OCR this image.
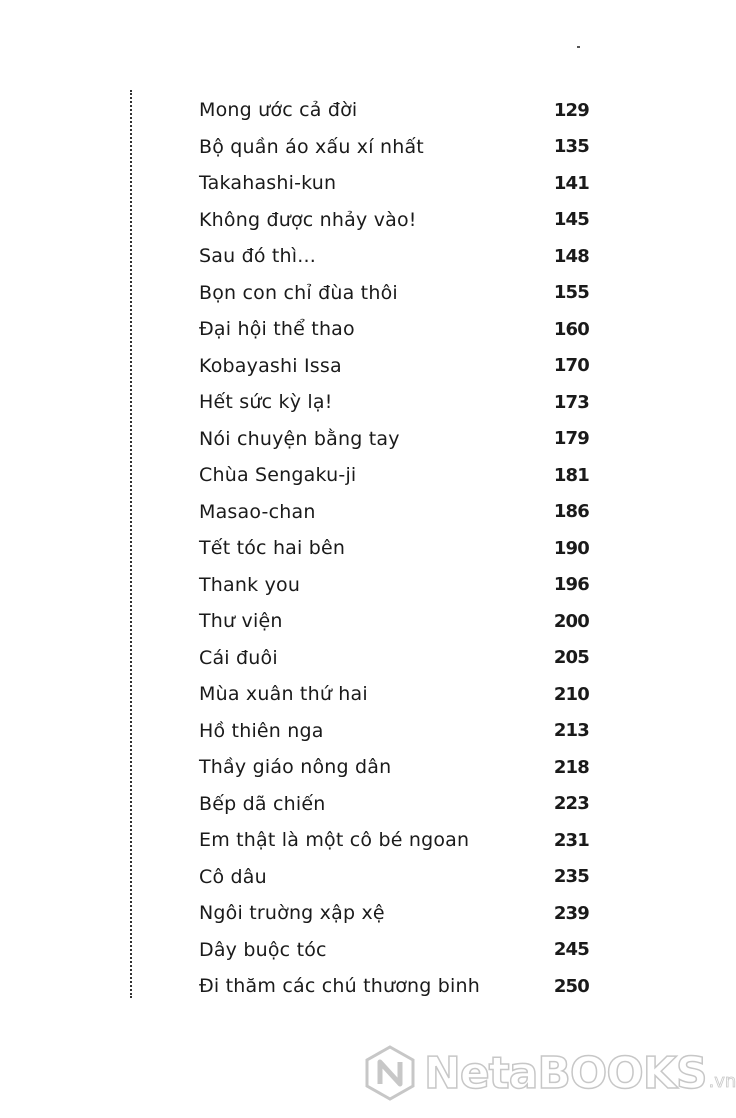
Mong ước cả đời	129
Bộ quần áo xấu xí nhất	135
Takahashi-kun	141
Không được nhảy vào!	145
Sau đó thì...	148
Bọn con chỉ đùa thôi	155
Đại hội thể thao	160
Kobayashi Issa	170
Hết sức kỳ lạ!	173
Nói chuyện bằng tay	179
Chùa Sengaku-ji	181
Masao-chan	186
Tết tóc hai bên	190
Thank you	196
Thư viện	200
Cái đuôi	205
Mùa xuân thứ hai	210
Hồ thiên nga	213
Thầy giáo nông dân	218
Bếp dã chiến	223
Em thật là một cô bé ngoan	231
Cô dâu	235
Ngôi truờng xập xệ	239
Dây buộc tóc	245
Đi thăm các chú thương binh	250
NetaBOOKS .vn
